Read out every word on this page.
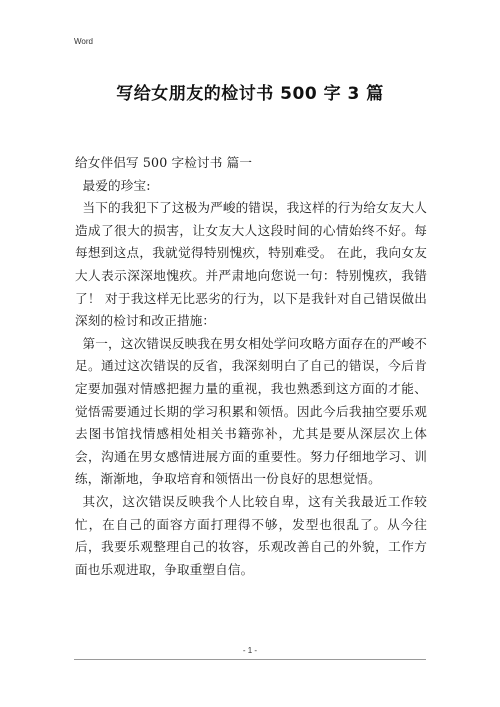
Word
写给女朋友的检讨书 500 字 3 篇

给女伴侣写 500 字检讨书 篇一

最爱的珍宝:

当下的我犯下了这极为严峻的错误，我这样的行为给女友大人造成了很大的损害，让女友大人这段时间的心情始终不好。每每想到这点，我就觉得特别愧疚，特别难受。 在此，我向女友大人表示深深地愧疚。并严肃地向您说一句：特别愧疚，我错了！ 对于我这样无比恶劣的行为，以下是我针对自己错误做出深刻的检讨和改正措施：

第一，这次错误反映我在男女相处学问攻略方面存在的严峻不足。通过这次错误的反省，我深刻明白了自己的错误，今后肯定要加强对情感把握力量的重视，我也熟悉到这方面的才能、觉悟需要通过长期的学习积累和领悟。因此今后我抽空要乐观去图书馆找情感相处相关书籍弥补，尤其是要从深层次上体会，沟通在男女感情进展方面的重要性。努力仔细地学习、训练，渐渐地，争取培育和领悟出一份良好的思想觉悟。

其次，这次错误反映我个人比较自卑，这有关我最近工作较忙，在自己的面容方面打理得不够，发型也很乱了。从今往后，我要乐观整理自己的妆容，乐观改善自己的外貌，工作方面也乐观进取，争取重塑自信。

- 1 -
